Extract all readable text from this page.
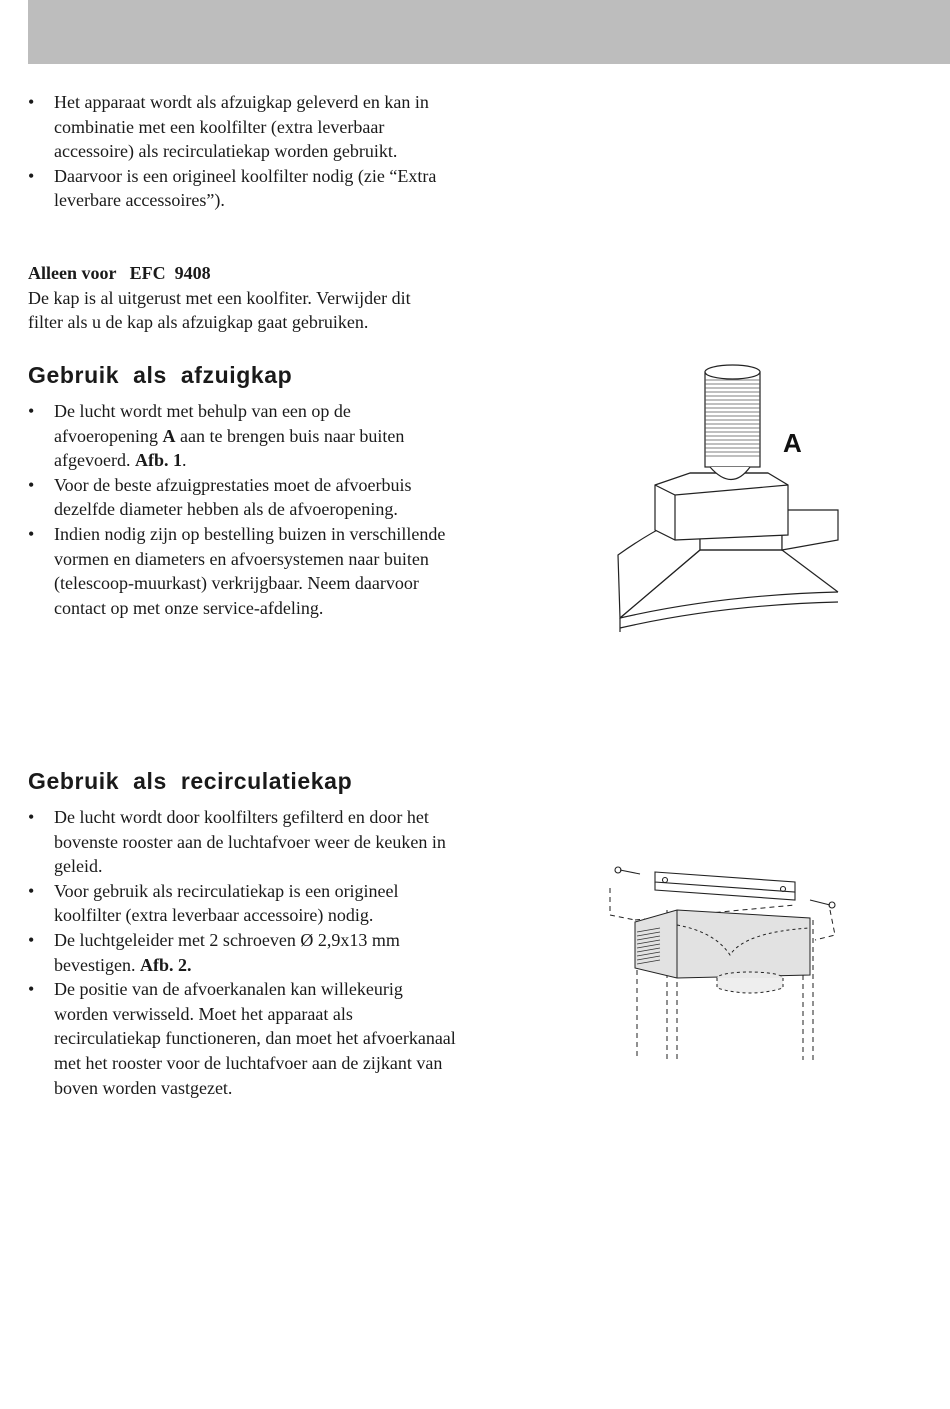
• Het apparaat wordt als afzuigkap geleverd en kan in combinatie met een koolfilter (extra leverbaar accessoire) als recirculatiekap worden gebruikt.
• Daarvoor is een origineel koolfilter nodig (zie “Extra leverbare accessoires”).

Alleen voor   EFC  9408

De kap is al uitgerust met een koolfiter. Verwijder dit filter als u de kap als afzuigkap gaat gebruiken.

Gebruik  als  afzuigkap
• De lucht wordt met behulp van een op de afvoeropening A aan te brengen buis naar buiten afgevoerd. Afb. 1.
• Voor de beste afzuigprestaties moet de afvoerbuis dezelfde diameter hebben als de afvoeropening.
• Indien nodig zijn op bestelling buizen in verschillende vormen en diameters en afvoersystemen naar buiten (telescoop-muurkast) verkrijgbaar. Neem daarvoor contact op met onze service-afdeling.
Gebruik  als  recirculatiekap
• De lucht wordt door koolfilters gefilterd en door het bovenste rooster aan de luchtafvoer weer de keuken in geleid.
• Voor gebruik als recirculatiekap is een origineel koolfilter (extra leverbaar accessoire) nodig.
• De luchtgeleider met 2 schroeven Ø 2,9x13 mm bevestigen. Afb. 2.
• De positie van de afvoerkanalen kan willekeurig worden verwisseld. Moet het apparaat als recirculatiekap functioneren, dan moet het afvoerkanaal met het rooster voor de luchtafvoer aan de zijkant van boven worden vastgezet.
A
